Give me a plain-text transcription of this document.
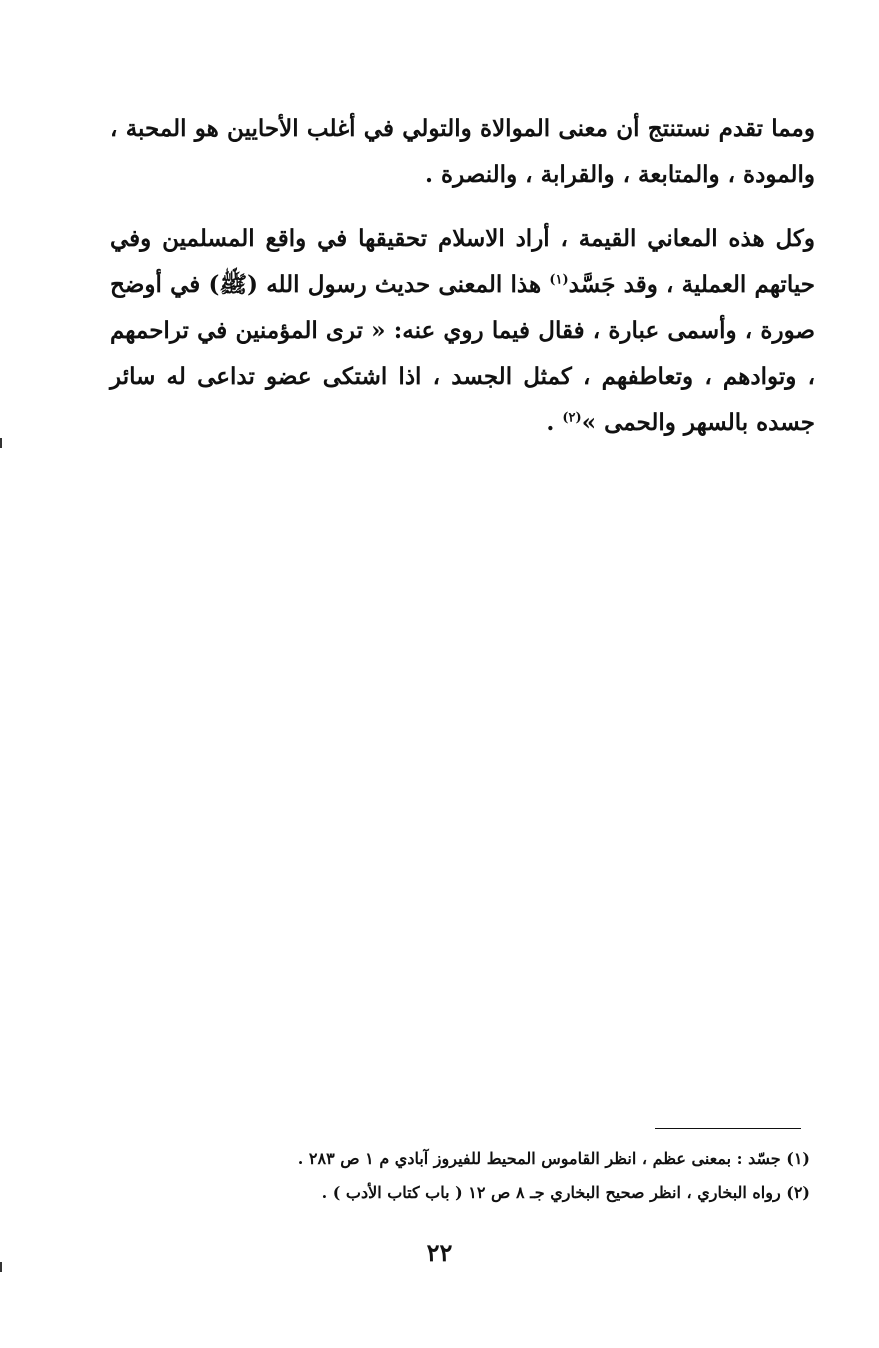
ومما تقدم نستنتج أن معنى الموالاة والتولي في أغلب الأحايين هو المحبة ، والمودة ، والمتابعة ، والقرابة ، والنصرة .

وكل هذه المعاني القيمة ، أراد الاسلام تحقيقها في واقع المسلمين وفي حياتهم العملية ، وقد جَسَّد$^{(١)}$ هذا المعنى حديث رسول الله (ﷺ) في أوضح صورة ، وأسمى عبارة ، فقال فيما روي عنه: « ترى المؤمنين في تراحمهم ، وتوادهم ، وتعاطفهم ، كمثل الجسد ، اذا اشتكى عضو تداعى له سائر جسده بالسهر والحمى »$^{(٢)}$ .

(١) جسّد : بمعنى عظم ، انظر القاموس المحيط للفيروز آبادي م ١ ص ٢٨٣ .
(٢) رواه البخاري ، انظر صحيح البخاري جـ ٨ ص ١٢ ( باب كتاب الأدب ) .
٢٢
